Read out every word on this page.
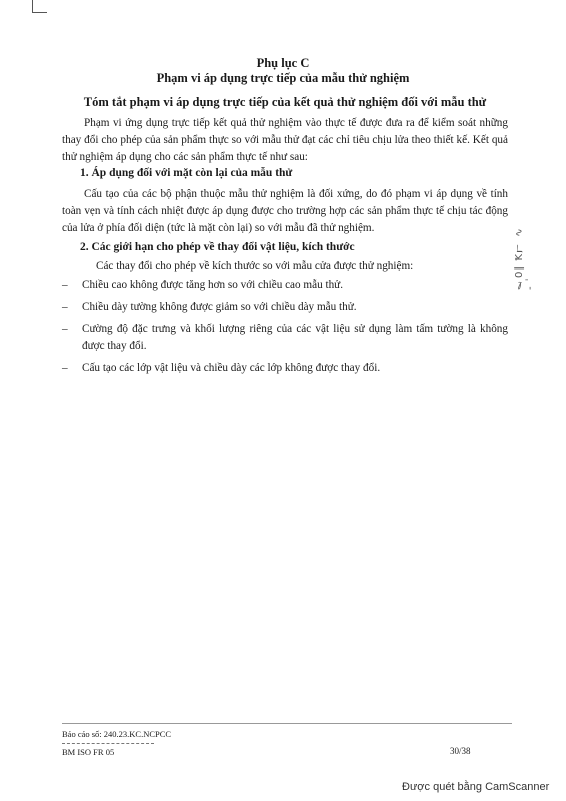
Phụ lục C

Phạm vi áp dụng trực tiếp của mẫu thử nghiệm

Tóm tắt phạm vi áp dụng trực tiếp của kết quả thử nghiệm đối với mẫu thử

Phạm vi ứng dụng trực tiếp kết quả thử nghiệm vào thực tế được đưa ra để kiểm soát những thay đổi cho phép của sản phẩm thực so với mẫu thử đạt các chỉ tiêu chịu lửa theo thiết kế. Kết quả thử nghiệm áp dụng cho các sản phẩm thực tế như sau:

1. Áp dụng đối với mặt còn lại của mẫu thử

Cấu tạo của các bộ phận thuộc mẫu thử nghiệm là đối xứng, do đó phạm vi áp dụng về tính toàn vẹn và tính cách nhiệt được áp dụng được cho trường hợp các sản phẩm thực tế chịu tác động của lửa ở phía đối diện (tức là mặt còn lại) so với mẫu đã thử nghiệm.

2. Các giới hạn cho phép về thay đổi vật liệu, kích thước

Các thay đổi cho phép về kích thước so với mẫu cửa được thử nghiệm:

– Chiều cao không được tăng hơn so với chiều cao mẫu thử.
– Chiều dày tường không được giảm so với chiều dày mẫu thử.
– Cường độ đặc trưng và khối lượng riêng của các vật liệu sử dụng làm tấm tường là không được thay đổi.
– Cấu tạo các lớp vật liệu và chiều dày các lớp không được thay đổi.
ℓ0∥ Ꝁℸ ∿ ‐ ˈ
Báo cáo số: 240.23.KC.NCPCC
BM ISO FR 05	30/38
Được quét bằng CamScanner
